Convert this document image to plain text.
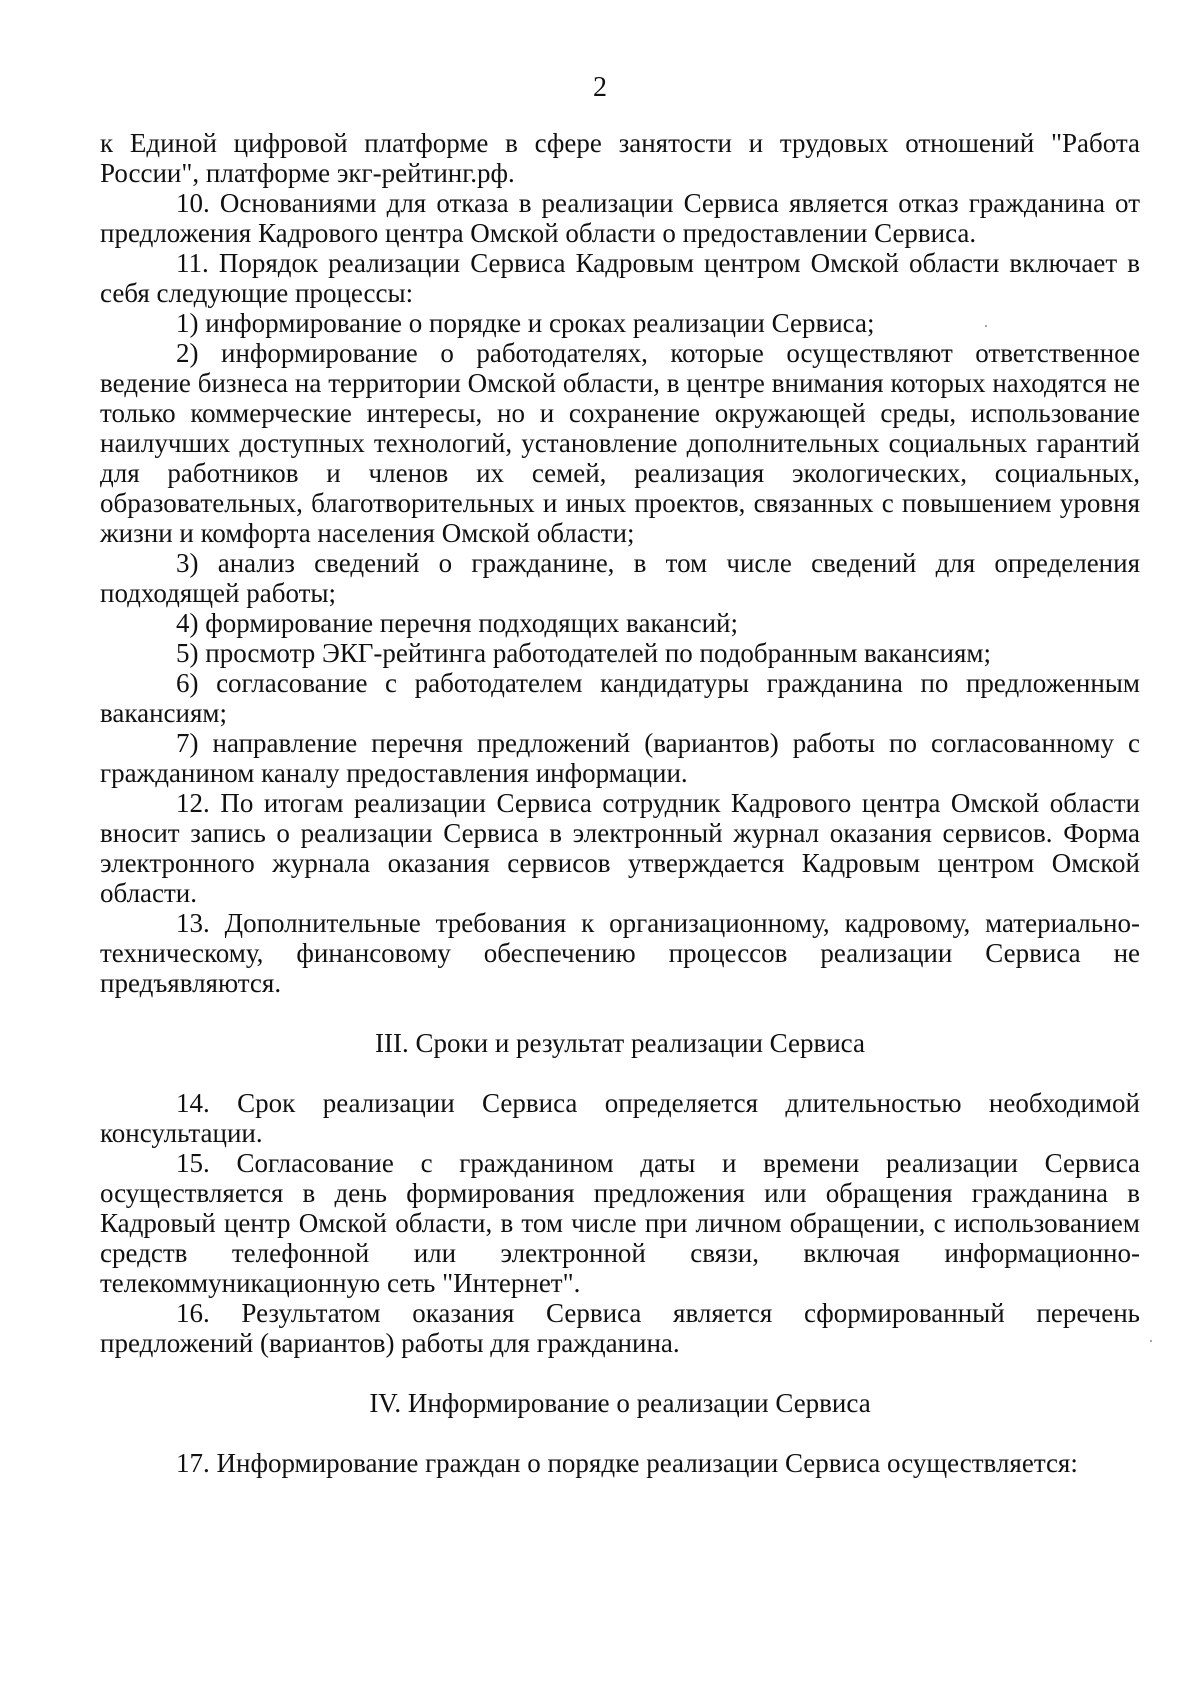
2

к Единой цифровой платформе в сфере занятости и трудовых отношений "Работа России", платформе экг-рейтинг.рф.

10. Основаниями для отказа в реализации Сервиса является отказ гражданина от предложения Кадрового центра Омской области о предоставлении Сервиса.

11. Порядок реализации Сервиса Кадровым центром Омской области включает в себя следующие процессы:

1) информирование о порядке и сроках реализации Сервиса;

2) информирование о работодателях, которые осуществляют ответственное ведение бизнеса на территории Омской области, в центре внимания которых находятся не только коммерческие интересы, но и сохранение окружающей среды, использование наилучших доступных технологий, установление дополнительных социальных гарантий для работников и членов их семей, реализация экологических, социальных, образовательных, благотворительных и иных проектов, связанных с повышением уровня жизни и комфорта населения Омской области;

3) анализ сведений о гражданине, в том числе сведений для определения подходящей работы;

4) формирование перечня подходящих вакансий;

5) просмотр ЭКГ-рейтинга работодателей по подобранным вакансиям;

6) согласование с работодателем кандидатуры гражданина по предложенным вакансиям;

7) направление перечня предложений (вариантов) работы по согласованному с гражданином каналу предоставления информации.

12. По итогам реализации Сервиса сотрудник Кадрового центра Омской области вносит запись о реализации Сервиса в электронный журнал оказания сервисов. Форма электронного журнала оказания сервисов утверждается Кадровым центром Омской области.

13. Дополнительные требования к организационному, кадровому, материально-техническому, финансовому обеспечению процессов реализации Сервиса не предъявляются.

III. Сроки и результат реализации Сервиса

14. Срок реализации Сервиса определяется длительностью необходимой консультации.

15. Согласование с гражданином даты и времени реализации Сервиса осуществляется в день формирования предложения или обращения гражданина в Кадровый центр Омской области, в том числе при личном обращении, с использованием средств телефонной или электронной связи, включая информационно-телекоммуникационную сеть "Интернет".

16. Результатом оказания Сервиса является сформированный перечень предложений (вариантов) работы для гражданина.

IV. Информирование о реализации Сервиса

17. Информирование граждан о порядке реализации Сервиса осуществляется:
